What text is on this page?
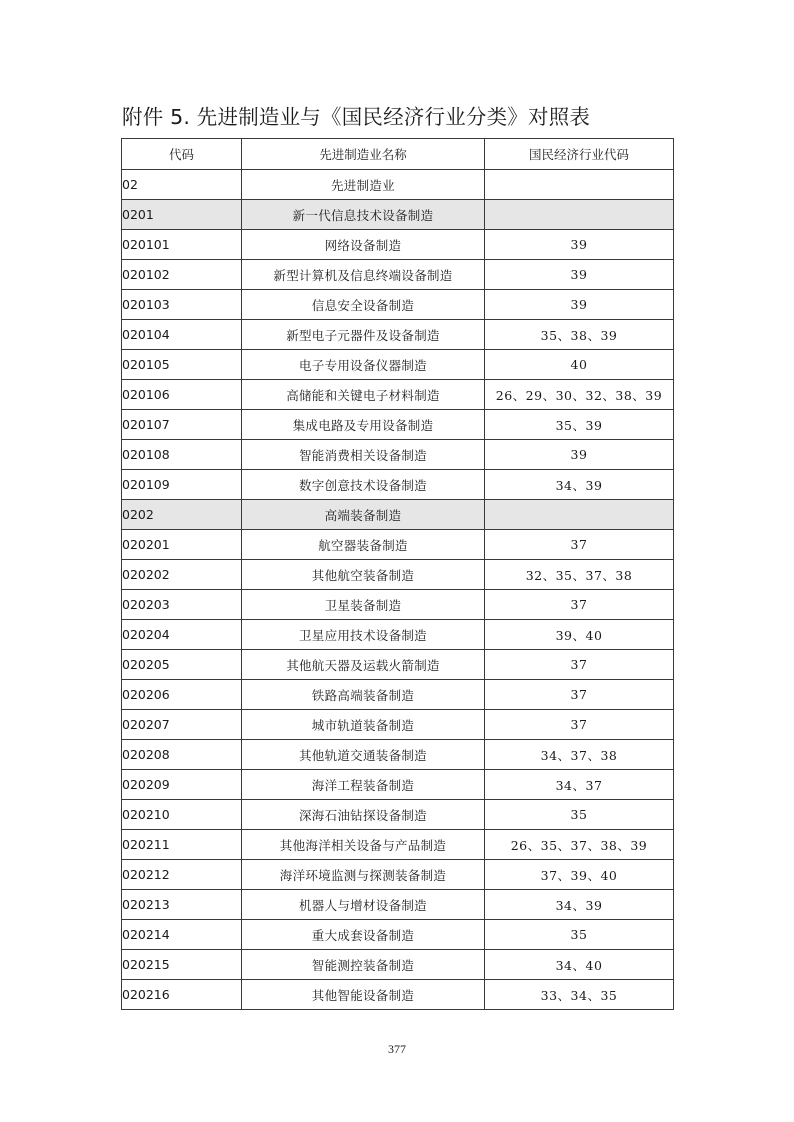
附件 5. 先进制造业与《国民经济行业分类》对照表
代码	先进制造业名称	国民经济行业代码
02	先进制造业	
0201	新一代信息技术设备制造	
020101	网络设备制造	39
020102	新型计算机及信息终端设备制造	39
020103	信息安全设备制造	39
020104	新型电子元器件及设备制造	35、38、39
020105	电子专用设备仪器制造	40
020106	高储能和关键电子材料制造	26、29、30、32、38、39
020107	集成电路及专用设备制造	35、39
020108	智能消费相关设备制造	39
020109	数字创意技术设备制造	34、39
0202	高端装备制造	
020201	航空器装备制造	37
020202	其他航空装备制造	32、35、37、38
020203	卫星装备制造	37
020204	卫星应用技术设备制造	39、40
020205	其他航天器及运载火箭制造	37
020206	铁路高端装备制造	37
020207	城市轨道装备制造	37
020208	其他轨道交通装备制造	34、37、38
020209	海洋工程装备制造	34、37
020210	深海石油钻探设备制造	35
020211	其他海洋相关设备与产品制造	26、35、37、38、39
020212	海洋环境监测与探测装备制造	37、39、40
020213	机器人与增材设备制造	34、39
020214	重大成套设备制造	35
020215	智能测控装备制造	34、40
020216	其他智能设备制造	33、34、35
377
